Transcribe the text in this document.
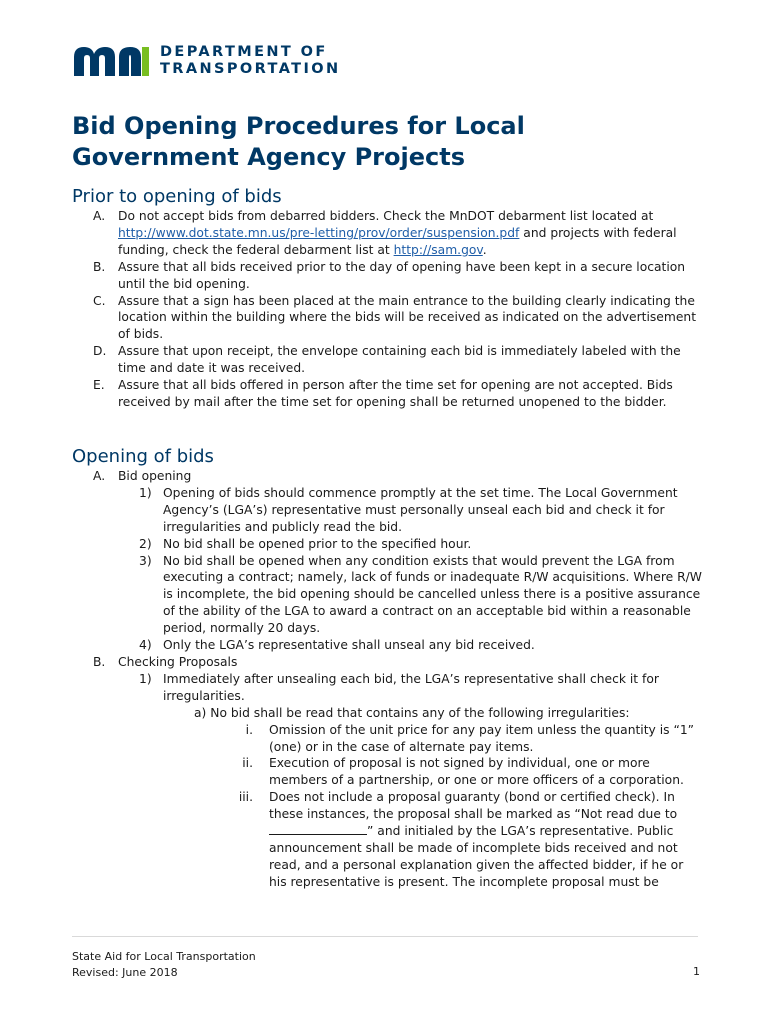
DEPARTMENT OF
TRANSPORTATION
Bid Opening Procedures for Local
Government Agency Projects
Prior to opening of bids
A.	Do not accept bids from debarred bidders. Check the MnDOT debarment list located at http://www.dot.state.mn.us/pre-letting/prov/order/suspension.pdf and projects with federal funding, check the federal debarment list at http://sam.gov.
B.	Assure that all bids received prior to the day of opening have been kept in a secure location until the bid opening.
C.	Assure that a sign has been placed at the main entrance to the building clearly indicating the location within the building where the bids will be received as indicated on the advertisement of bids.
D. Assure that upon receipt, the envelope containing each bid is immediately labeled with the time and date it was received.
E.	Assure that all bids offered in person after the time set for opening are not accepted. Bids received by mail after the time set for opening shall be returned unopened to the bidder.
Opening of bids
A.	Bid opening
1) Opening of bids should commence promptly at the set time. The Local Government Agency’s (LGA’s) representative must personally unseal each bid and check it for irregularities and publicly read the bid.
2) No bid shall be opened prior to the specified hour.
3) No bid shall be opened when any condition exists that would prevent the LGA from executing a contract; namely, lack of funds or inadequate R/W acquisitions. Where R/W is incomplete, the bid opening should be cancelled unless there is a positive assurance of the ability of the LGA to award a contract on an acceptable bid within a reasonable period, normally 20 days.
4) Only the LGA’s representative shall unseal any bid received.
B.	Checking Proposals
1) Immediately after unsealing each bid, the LGA’s representative shall check it for irregularities.
a) No bid shall be read that contains any of the following irregularities:
i.	Omission of the unit price for any pay item unless the quantity is “1” (one) or in the case of alternate pay items.
ii.	Execution of proposal is not signed by individual, one or more members of a partnership, or one or more officers of a corporation.
iii.	Does not include a proposal guaranty (bond or certified check). In these instances, the proposal shall be marked as “Not read due to ” and initialed by the LGA’s representative. Public announcement shall be made of incomplete bids received and not read, and a personal explanation given the affected bidder, if he or his representative is present. The incomplete proposal must be
State Aid for Local Transportation
Revised: June 2018	1
